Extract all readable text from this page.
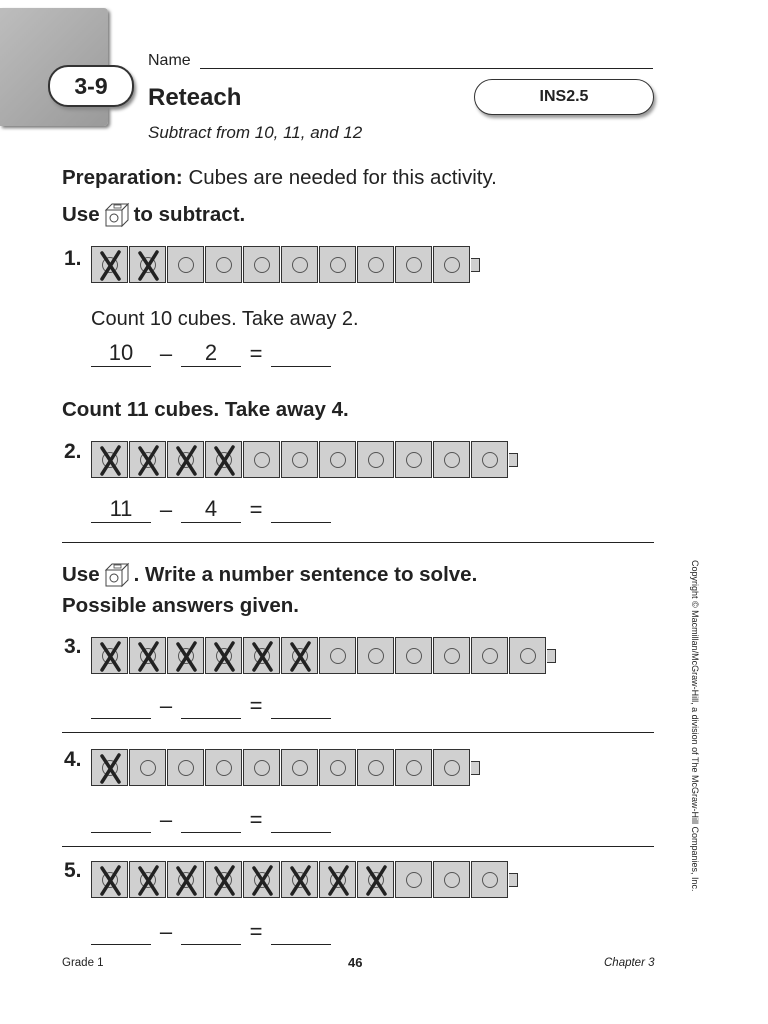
3-9
Name
Reteach
Subtract from 10, 11, and 12
INS2.5
Preparation: Cubes are needed for this activity.
Use to subtract.
1.
Count 10 cubes. Take away 2.
10	–	2	=
Count 11 cubes. Take away 4.
2.
11	–	4	=
Use . Write a number sentence to solve.
Possible answers given.
3.
–	=
4.
–	=
5.
–	=
Grade 1	46	Chapter 3
Copyright © Macmillan/McGraw-Hill, a division of The McGraw-Hill Companies, Inc.
